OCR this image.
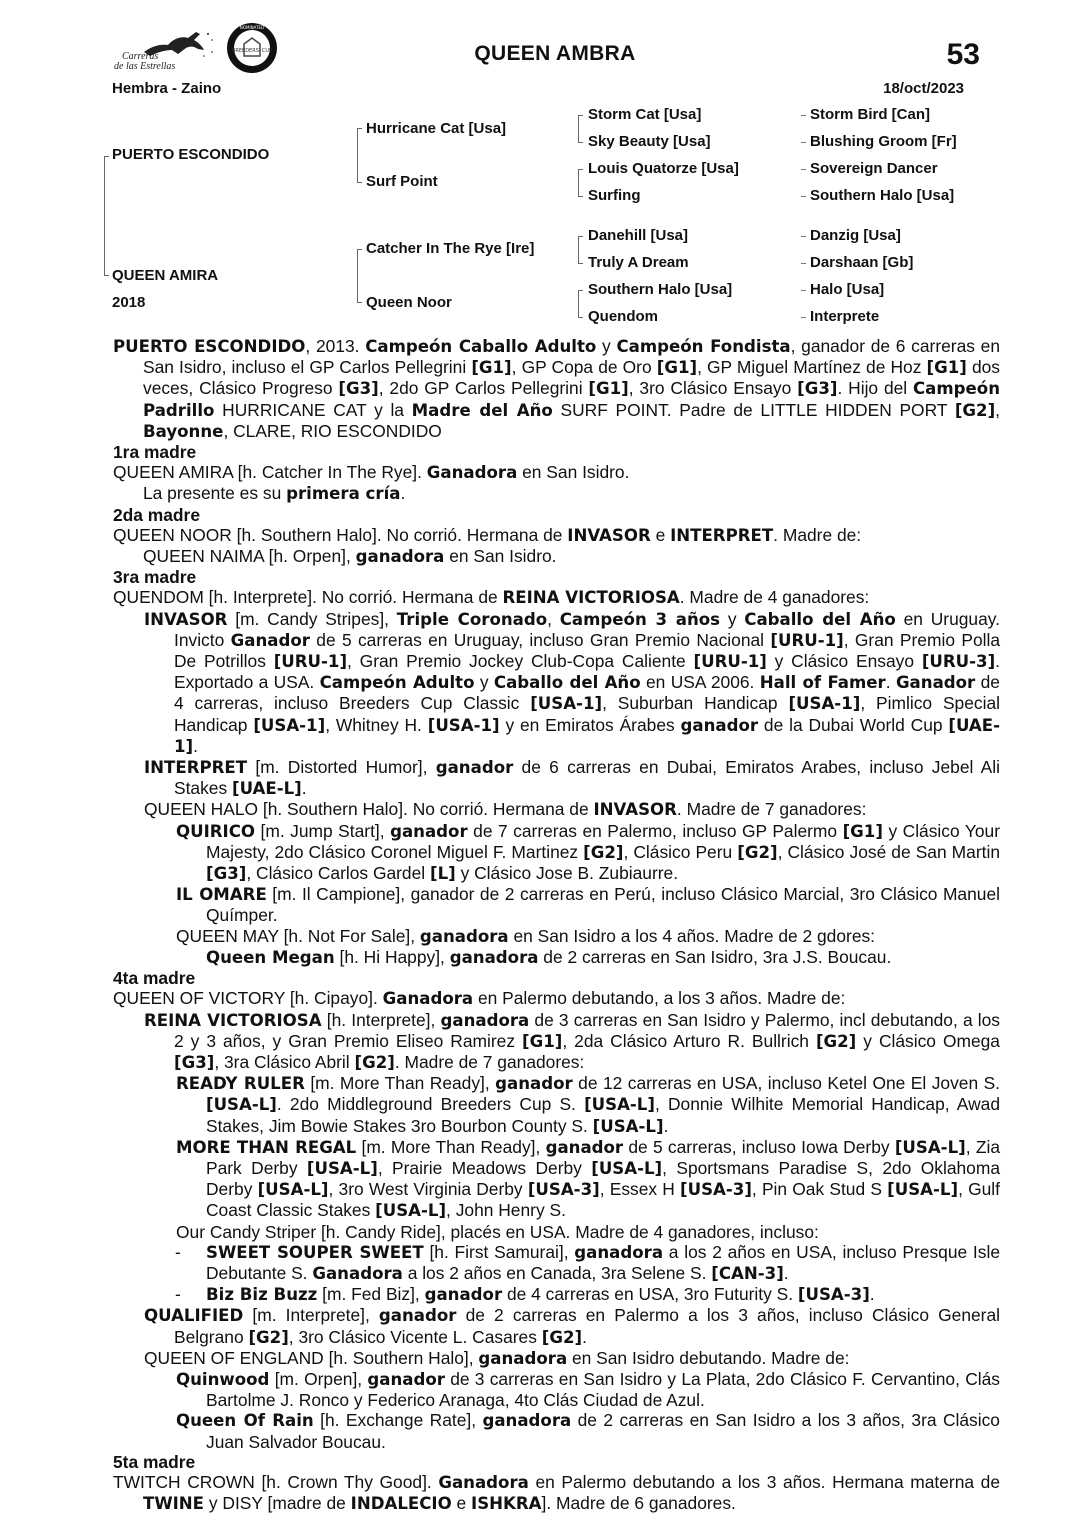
Carreras
de las Estrellas
BREEDERS' CUP
NOMINATED
QUEEN AMBRA	53
Hembra - Zaino	18/oct/2023
PUERTO ESCONDIDO
QUEEN AMIRA
2018
Hurricane Cat [Usa]
Surf Point
Catcher In The Rye [Ire]
Queen Noor
Storm Cat [Usa]
Sky Beauty [Usa]
Louis Quatorze [Usa]
Surfing
Danehill [Usa]
Truly A Dream
Southern Halo [Usa]
Quendom
Storm Bird [Can]
Blushing Groom [Fr]
Sovereign Dancer
Southern Halo [Usa]
Danzig [Usa]
Darshaan [Gb]
Halo [Usa]
Interprete

PUERTO ESCONDIDO, 2013. Campeón Caballo Adulto y Campeón Fondista, ganador de 6 carreras en San Isidro, incluso el GP Carlos Pellegrini [G1], GP Copa de Oro [G1], GP Miguel Martínez de Hoz [G1] dos veces, Clásico Progreso [G3], 2do GP Carlos Pellegrini [G1], 3ro Clásico Ensayo [G3]. Hijo del Campeón Padrillo HURRICANE CAT y la Madre del Año SURF POINT. Padre de LITTLE HIDDEN PORT [G2], Bayonne, CLARE, RIO ESCONDIDO

1ra madre

QUEEN AMIRA [h. Catcher In The Rye]. Ganadora en San Isidro.

La presente es su primera cría.

2da madre

QUEEN NOOR [h. Southern Halo]. No corrió. Hermana de INVASOR e INTERPRET. Madre de:

QUEEN NAIMA [h. Orpen], ganadora en San Isidro.

3ra madre

QUENDOM [h. Interprete]. No corrió. Hermana de REINA VICTORIOSA. Madre de 4 ganadores:

INVASOR [m. Candy Stripes], Triple Coronado, Campeón 3 años y Caballo del Año en Uruguay. Invicto Ganador de 5 carreras en Uruguay, incluso Gran Premio Nacional [URU-1], Gran Premio Polla De Potrillos [URU-1], Gran Premio Jockey Club-Copa Caliente [URU-1] y Clásico Ensayo [URU-3]. Exportado a USA. Campeón Adulto y Caballo del Año en USA 2006. Hall of Famer. Ganador de 4 carreras, incluso Breeders Cup Classic [USA-1], Suburban Handicap [USA-1], Pimlico Special Handicap [USA-1], Whitney H. [USA-1] y en Emiratos Árabes ganador de la Dubai World Cup [UAE-1].

INTERPRET [m. Distorted Humor], ganador de 6 carreras en Dubai, Emiratos Arabes, incluso Jebel Ali Stakes [UAE-L].

QUEEN HALO [h. Southern Halo]. No corrió. Hermana de INVASOR. Madre de 7 ganadores:

QUIRICO [m. Jump Start], ganador de 7 carreras en Palermo, incluso GP Palermo [G1] y Clásico Your Majesty, 2do Clásico Coronel Miguel F. Martinez [G2], Clásico Peru [G2], Clásico José de San Martin [G3], Clásico Carlos Gardel [L] y Clásico Jose B. Zubiaurre.

IL OMARE [m. Il Campione], ganador de 2 carreras en Perú, incluso Clásico Marcial, 3ro Clásico Manuel Químper.

QUEEN MAY [h. Not For Sale], ganadora en San Isidro a los 4 años. Madre de 2 gdores:

Queen Megan [h. Hi Happy], ganadora de 2 carreras en San Isidro, 3ra J.S. Boucau.

4ta madre

QUEEN OF VICTORY [h. Cipayo]. Ganadora en Palermo debutando, a los 3 años. Madre de:

REINA VICTORIOSA [h. Interprete], ganadora de 3 carreras en San Isidro y Palermo, incl debutando, a los 2 y 3 años, y Gran Premio Eliseo Ramirez [G1], 2da Clásico Arturo R. Bullrich [G2] y Clásico Omega [G3], 3ra Clásico Abril [G2]. Madre de 7 ganadores:

READY RULER [m. More Than Ready], ganador de 12 carreras en USA, incluso Ketel One El Joven S. [USA-L]. 2do Middleground Breeders Cup S. [USA-L], Donnie Wilhite Memorial Handicap, Awad Stakes, Jim Bowie Stakes 3ro Bourbon County S. [USA-L].

MORE THAN REGAL [m. More Than Ready], ganador de 5 carreras, incluso Iowa Derby [USA-L], Zia Park Derby [USA-L], Prairie Meadows Derby [USA-L], Sportsmans Paradise S, 2do Oklahoma Derby [USA-L], 3ro West Virginia Derby [USA-3], Essex H [USA-3], Pin Oak Stud S [USA-L], Gulf Coast Classic Stakes [USA-L], John Henry S.

Our Candy Striper [h. Candy Ride], placés en USA. Madre de 4 ganadores, incluso:

- SWEET SOUPER SWEET [h. First Samurai], ganadora a los 2 años en USA, incluso Presque Isle Debutante S. Ganadora a los 2 años en Canada, 3ra Selene S. [CAN-3].

- Biz Biz Buzz [m. Fed Biz], ganador de 4 carreras en USA, 3ro Futurity S. [USA-3].

QUALIFIED [m. Interprete], ganador de 2 carreras en Palermo a los 3 años, incluso Clásico General Belgrano [G2], 3ro Clásico Vicente L. Casares [G2].

QUEEN OF ENGLAND [h. Southern Halo], ganadora en San Isidro debutando. Madre de:

Quinwood [m. Orpen], ganador de 3 carreras en San Isidro y La Plata, 2do Clásico F. Cervantino, Clás Bartolme J. Ronco y Federico Aranaga, 4to Clás Ciudad de Azul.

Queen Of Rain [h. Exchange Rate], ganadora de 2 carreras en San Isidro a los 3 años, 3ra Clásico Juan Salvador Boucau.

5ta madre

TWITCH CROWN [h. Crown Thy Good]. Ganadora en Palermo debutando a los 3 años. Hermana materna de TWINE y DISY [madre de INDALECIO e ISHKRA]. Madre de 6 ganadores.
